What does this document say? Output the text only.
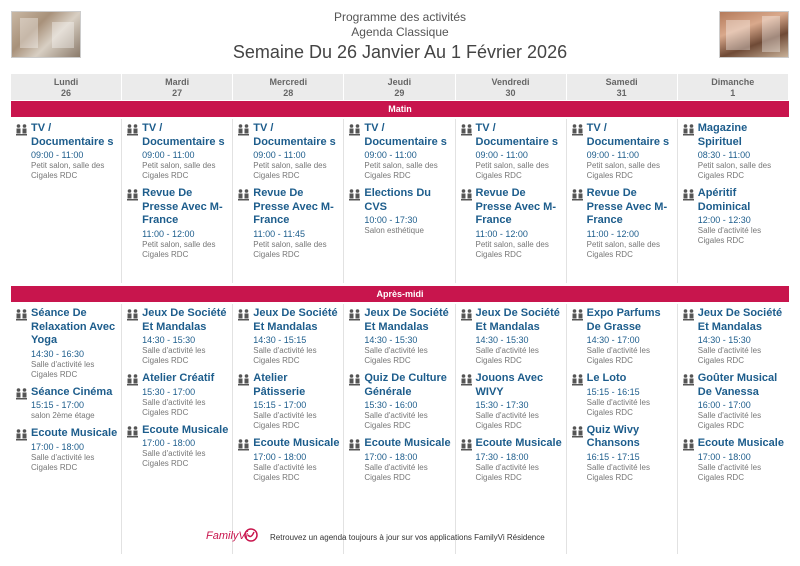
Programme des activités
Agenda Classique
Semaine Du 26 Janvier Au 1 Février 2026
Lundi
26
Mardi
27
Mercredi
28
Jeudi
29
Vendredi
30
Samedi
31
Dimanche
1
Matin
TV / Documentaire s
09:00 - 11:00
Petit salon, salle des Cigales RDC
TV / Documentaire s
09:00 - 11:00
Petit salon, salle des Cigales RDC
Revue De Presse Avec M-France
11:00 - 12:00
Petit salon, salle des Cigales RDC
TV / Documentaire s
09:00 - 11:00
Petit salon, salle des Cigales RDC
Revue De Presse Avec M-France
11:00 - 11:45
Petit salon, salle des Cigales RDC
TV / Documentaire s
09:00 - 11:00
Petit salon, salle des Cigales RDC
Elections Du CVS
10:00 - 17:30
Salon esthétique
TV / Documentaire s
09:00 - 11:00
Petit salon, salle des Cigales RDC
Revue De Presse Avec M-France
11:00 - 12:00
Petit salon, salle des Cigales RDC
TV / Documentaire s
09:00 - 11:00
Petit salon, salle des Cigales RDC
Revue De Presse Avec M-France
11:00 - 12:00
Petit salon, salle des Cigales RDC
Magazine Spirituel
08:30 - 11:00
Petit salon, salle des Cigales RDC
Apéritif Dominical
12:00 - 12:30
Salle d'activité les Cigales RDC
Après-midi
Séance De Relaxation Avec Yoga
14:30 - 16:30
Salle d'activité les Cigales RDC
Séance Cinéma
15:15 - 17:00
salon 2ème étage
Ecoute Musicale
17:00 - 18:00
Salle d'activité les Cigales RDC
Jeux De Société Et Mandalas
14:30 - 15:30
Salle d'activité les Cigales RDC
Atelier Créatif
15:30 - 17:00
Salle d'activité les Cigales RDC
Ecoute Musicale
17:00 - 18:00
Salle d'activité les Cigales RDC
Jeux De Société Et Mandalas
14:30 - 15:15
Salle d'activité les Cigales RDC
Atelier Pâtisserie
15:15 - 17:00
Salle d'activité les Cigales RDC
Ecoute Musicale
17:00 - 18:00
Salle d'activité les Cigales RDC
Jeux De Société Et Mandalas
14:30 - 15:30
Salle d'activité les Cigales RDC
Quiz De Culture Générale
15:30 - 16:00
Salle d'activité les Cigales RDC
Ecoute Musicale
17:00 - 18:00
Salle d'activité les Cigales RDC
Jeux De Société Et Mandalas
14:30 - 15:30
Salle d'activité les Cigales RDC
Jouons Avec WIVY
15:30 - 17:30
Salle d'activité les Cigales RDC
Ecoute Musicale
17:30 - 18:00
Salle d'activité les Cigales RDC
Expo Parfums De Grasse
14:30 - 17:00
Salle d'activité les Cigales RDC
Le Loto
15:15 - 16:15
Salle d'activité les Cigales RDC
Quiz Wivy Chansons
16:15 - 17:15
Salle d'activité les Cigales RDC
Jeux De Société Et Mandalas
14:30 - 15:30
Salle d'activité les Cigales RDC
Goûter Musical De Vanessa
16:00 - 17:00
Salle d'activité les Cigales RDC
Ecoute Musicale
17:00 - 18:00
Salle d'activité les Cigales RDC
FamilyVi	Retrouvez un agenda toujours à jour sur vos applications FamilyVi Résidence
